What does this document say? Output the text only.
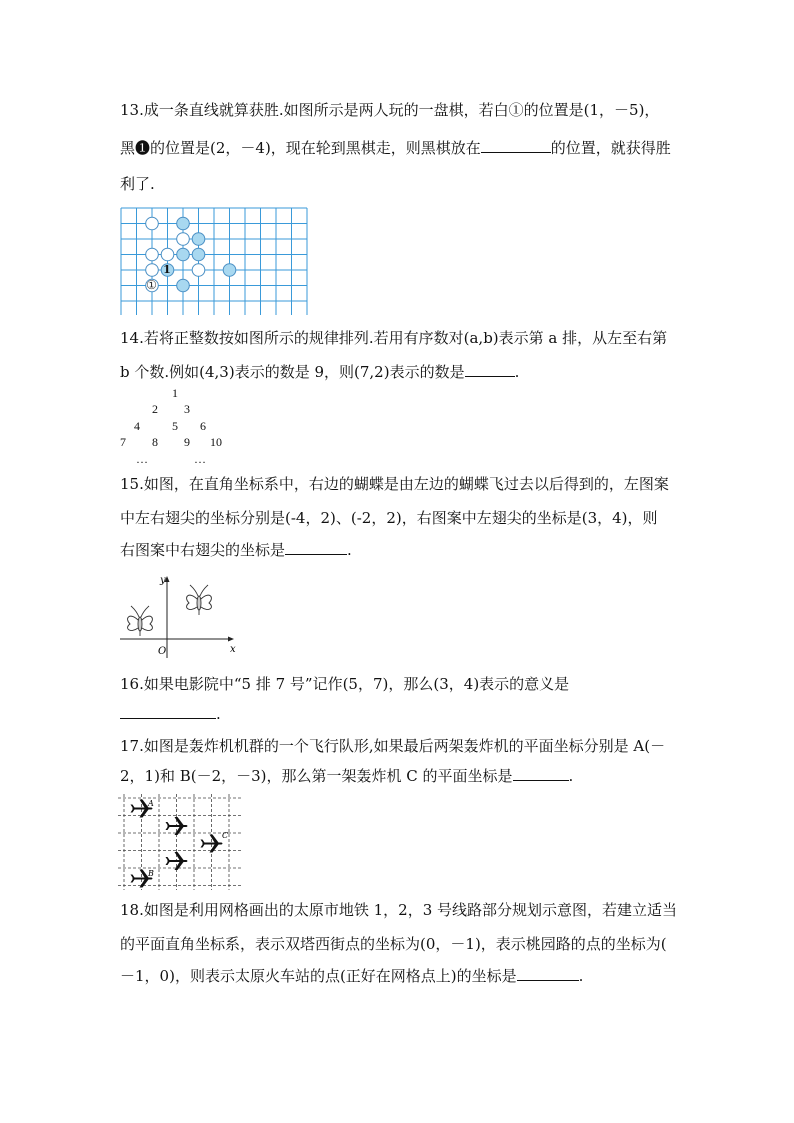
13.成一条直线就算获胜.如图所示是两人玩的一盘棋，若白①的位置是(1，－5)，
黑❶的位置是(2，－4)，现在轮到黑棋走，则黑棋放在	的位置，就获得胜
利了.
①
1
14.若将正整数按如图所示的规律排列.若用有序数对(a,b)表示第 a 排，从左至右第
b 个数.例如(4,3)表示的数是 9，则(7,2)表示的数是	.
1
2 3
4	5 6
7 8 9 10
…	…
15.如图，在直角坐标系中，右边的蝴蝶是由左边的蝴蝶飞过去以后得到的，左图案
中左右翅尖的坐标分别是(-4，2)、(-2，2)，右图案中左翅尖的坐标是(3，4)，则
右图案中右翅尖的坐标是	.
y
x
O
16.如果电影院中“5 排 7 号”记作(5，7)，那么(3，4)表示的意义是
.
17.如图是轰炸机机群的一个飞行队形,如果最后两架轰炸机的平面坐标分别是 A(－
2，1)和 B(－2，－3)，那么第一架轰炸机 C 的平面坐标是	.
A
B
C
18.如图是利用网格画出的太原市地铁 1，2，3 号线路部分规划示意图，若建立适当
的平面直角坐标系，表示双塔西街点的坐标为(0，－1)，表示桃园路的点的坐标为(
－1，0)，则表示太原火车站的点(正好在网格点上)的坐标是	.
